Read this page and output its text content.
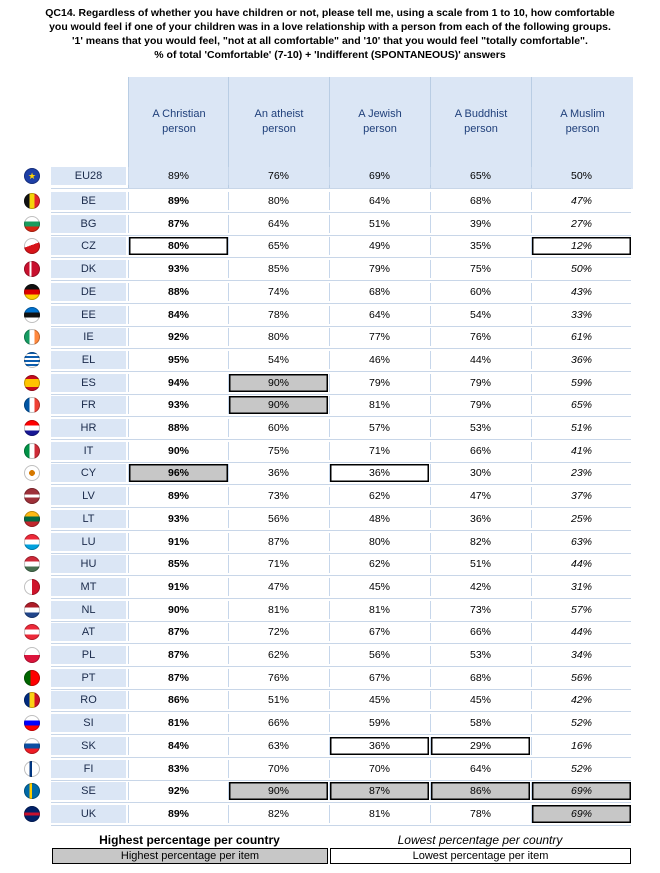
QC14. Regardless of whether you have children or not, please tell me, using a scale from 1 to 10, how comfortable
you would feel if one of your children was in a love relationship with a person from each of the following groups.
'1' means that you would feel, "not at all comfortable" and '10' that you would feel "totally comfortable".
% of total 'Comfortable' (7-10) + 'Indifferent (SPONTANEOUS)' answers
A Christian
person
An atheist
person
A Jewish
person
A Buddhist
person
A Muslim
person
★	EU28	89%	76%	69%	65%	50%
BE	89%	80%	64%	68%	47%
BG	87%	64%	51%	39%	27%
CZ	80%	65%	49%	35%	12%
DK	93%	85%	79%	75%	50%
DE	88%	74%	68%	60%	43%
EE	84%	78%	64%	54%	33%
IE	92%	80%	77%	76%	61%
EL	95%	54%	46%	44%	36%
ES	94%	90%	79%	79%	59%
FR	93%	90%	81%	79%	65%
HR	88%	60%	57%	53%	51%
IT	90%	75%	71%	66%	41%
CY	96%	36%	36%	30%	23%
LV	89%	73%	62%	47%	37%
LT	93%	56%	48%	36%	25%
LU	91%	87%	80%	82%	63%
HU	85%	71%	62%	51%	44%
MT	91%	47%	45%	42%	31%
NL	90%	81%	81%	73%	57%
AT	87%	72%	67%	66%	44%
PL	87%	62%	56%	53%	34%
PT	87%	76%	67%	68%	56%
RO	86%	51%	45%	45%	42%
SI	81%	66%	59%	58%	52%
SK	84%	63%	36%	29%	16%
FI	83%	70%	70%	64%	52%
SE	92%	90%	87%	86%	69%
UK	89%	82%	81%	78%	69%
Highest percentage per country	Lowest percentage per country
Highest percentage per item	Lowest percentage per item
